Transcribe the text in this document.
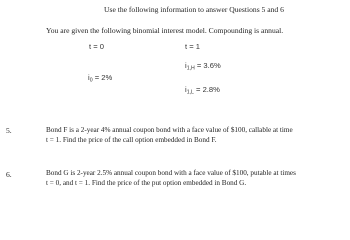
Use the following information to answer Questions 5 and 6
You are given the following binomial interest model. Compounding is annual.
t = 0	t = 1
$i_{1,H} = 3.6\%$
$i_0 = 2\%$
$i_{1,L} = 2.8\%$
5.	Bond F is a 2-year 4% annual coupon bond with a face value of $100, callable at time
t = 1. Find the price of the call option embedded in Bond F.
6.	Bond G is 2-year 2.5% annual coupon bond with a face value of $100, putable at times
t = 0, and t = 1. Find the price of the put option embedded in Bond G.
